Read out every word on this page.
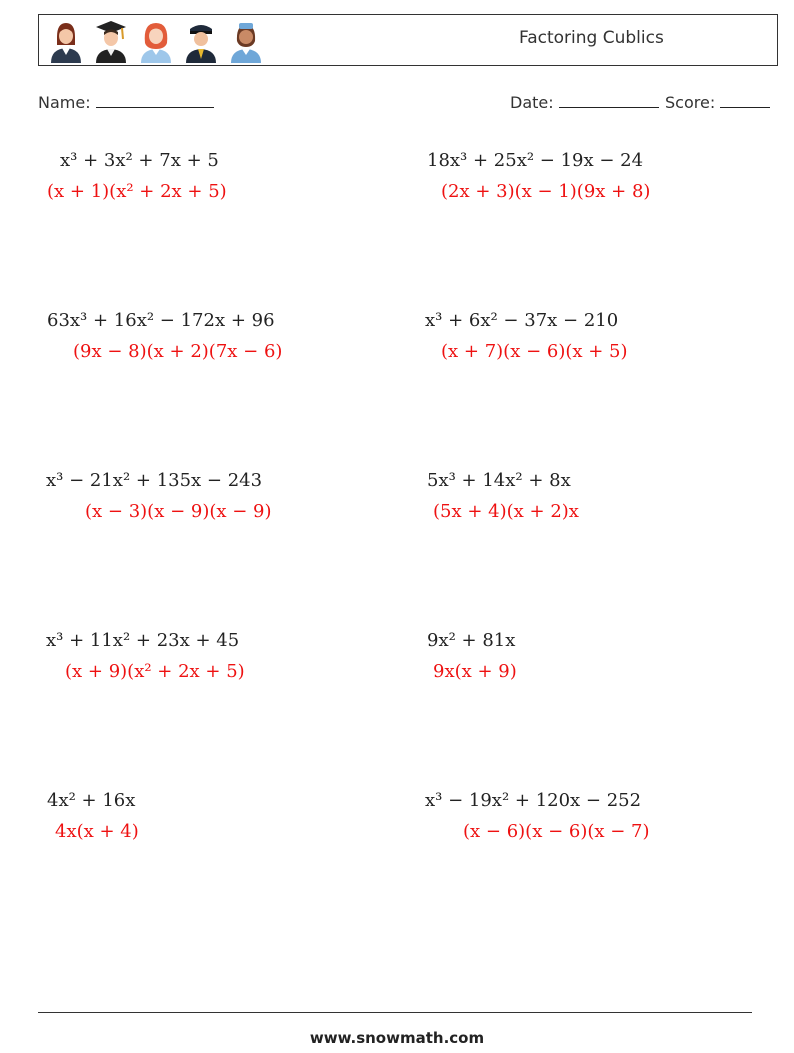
Factoring Cublics
Name:	Date:	Score:
x³ + 3x² + 7x + 5
(x + 1)(x² + 2x + 5)
18x³ + 25x² − 19x − 24
(2x + 3)(x − 1)(9x + 8)
63x³ + 16x² − 172x + 96
(9x − 8)(x + 2)(7x − 6)
x³ + 6x² − 37x − 210
(x + 7)(x − 6)(x + 5)
x³ − 21x² + 135x − 243
(x − 3)(x − 9)(x − 9)
5x³ + 14x² + 8x
(5x + 4)(x + 2)x
x³ + 11x² + 23x + 45
(x + 9)(x² + 2x + 5)
9x² + 81x
9x(x + 9)
4x² + 16x
4x(x + 4)
x³ − 19x² + 120x − 252
(x − 6)(x − 6)(x − 7)
www.snowmath.com
